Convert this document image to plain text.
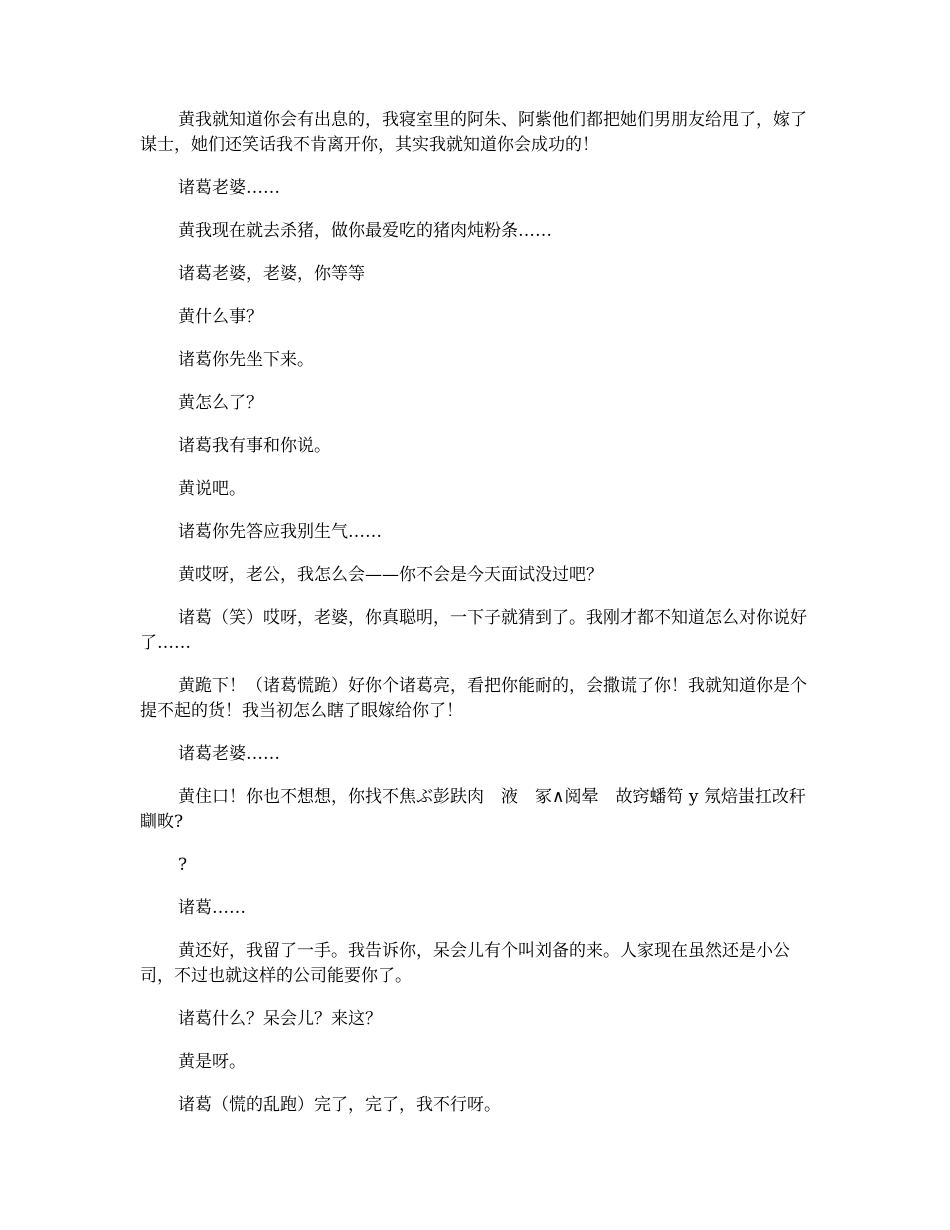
黄我就知道你会有出息的，我寝室里的阿朱、阿紫他们都把她们男朋友给甩了，嫁了谋士，她们还笑话我不肯离开你，其实我就知道你会成功的！

诸葛老婆……

黄我现在就去杀猪，做你最爱吃的猪肉炖粉条……

诸葛老婆，老婆，你等等

黄什么事？

诸葛你先坐下来。

黄怎么了？

诸葛我有事和你说。

黄说吧。

诸葛你先答应我别生气……

黄哎呀，老公，我怎么会——你不会是今天面试没过吧？

诸葛（笑）哎呀，老婆，你真聪明，一下子就猜到了。我刚才都不知道怎么对你说好了……

黄跪下！（诸葛慌跪）好你个诸葛亮，看把你能耐的，会撒谎了你！我就知道你是个提不起的货！我当初怎么瞎了眼嫁给你了！

诸葛老婆……

黄住口！你也不想想，你找不焦ぶ彭趺肉　液　冢∧阅晕　故窍蟠笱 y 氖焙蚩扛改秆瞓畋?

?

诸葛……

黄还好，我留了一手。我告诉你，呆会儿有个叫刘备的来。人家现在虽然还是小公司，不过也就这样的公司能要你了。

诸葛什么？呆会儿？来这？

黄是呀。

诸葛（慌的乱跑）完了，完了，我不行呀。
